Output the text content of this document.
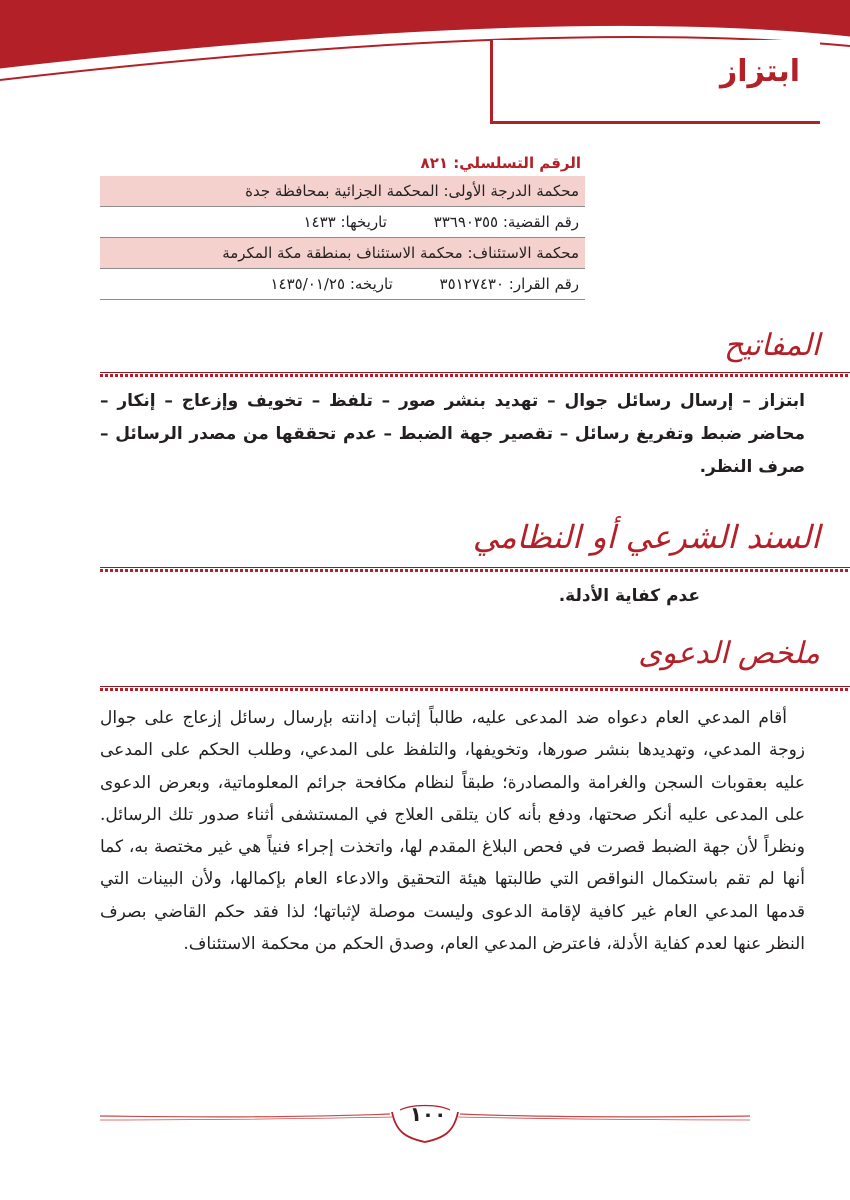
ابتزاز
الرقم التسلسلي: ٨٢١
محكمة الدرجة الأولى: المحكمة الجزائية بمحافظة جدة
رقم القضية: ٣٣٦٩٠٣٥٥ تاريخها: ١٤٣٣
محكمة الاستئناف: محكمة الاستئناف بمنطقة مكة المكرمة
رقم القرار: ٣٥١٢٧٤٣٠ تاريخه: ١٤٣٥/٠١/٢٥
المفاتيح
ابتزاز – إرسال رسائل جوال – تهديد بنشر صور – تلفظ – تخويف وإزعاج – إنكار – محاضر ضبط وتفريغ رسائل – تقصير جهة الضبط – عدم تحققها من مصدر الرسائل – صرف النظر.
السند الشرعي أو النظامي
عدم كفاية الأدلة.
ملخص الدعوى

أقام المدعي العام دعواه ضد المدعى عليه، طالباً إثبات إدانته بإرسال رسائل إزعاج على جوال زوجة المدعي، وتهديدها بنشر صورها، وتخويفها، والتلفظ على المدعي، وطلب الحكم على المدعى عليه بعقوبات السجن والغرامة والمصادرة؛ طبقاً لنظام مكافحة جرائم المعلوماتية، وبعرض الدعوى على المدعى عليه أنكر صحتها، ودفع بأنه كان يتلقى العلاج في المستشفى أثناء صدور تلك الرسائل. ونظراً لأن جهة الضبط قصرت في فحص البلاغ المقدم لها، واتخذت إجراء فنياً هي غير مختصة به، كما أنها لم تقم باستكمال النواقص التي طالبتها هيئة التحقيق والادعاء العام بإكمالها، ولأن البينات التي قدمها المدعي العام غير كافية لإقامة الدعوى وليست موصلة لإثباتها؛ لذا فقد حكم القاضي بصرف النظر عنها لعدم كفاية الأدلة، فاعترض المدعي العام، وصدق الحكم من محكمة الاستئناف.

١٠٠
